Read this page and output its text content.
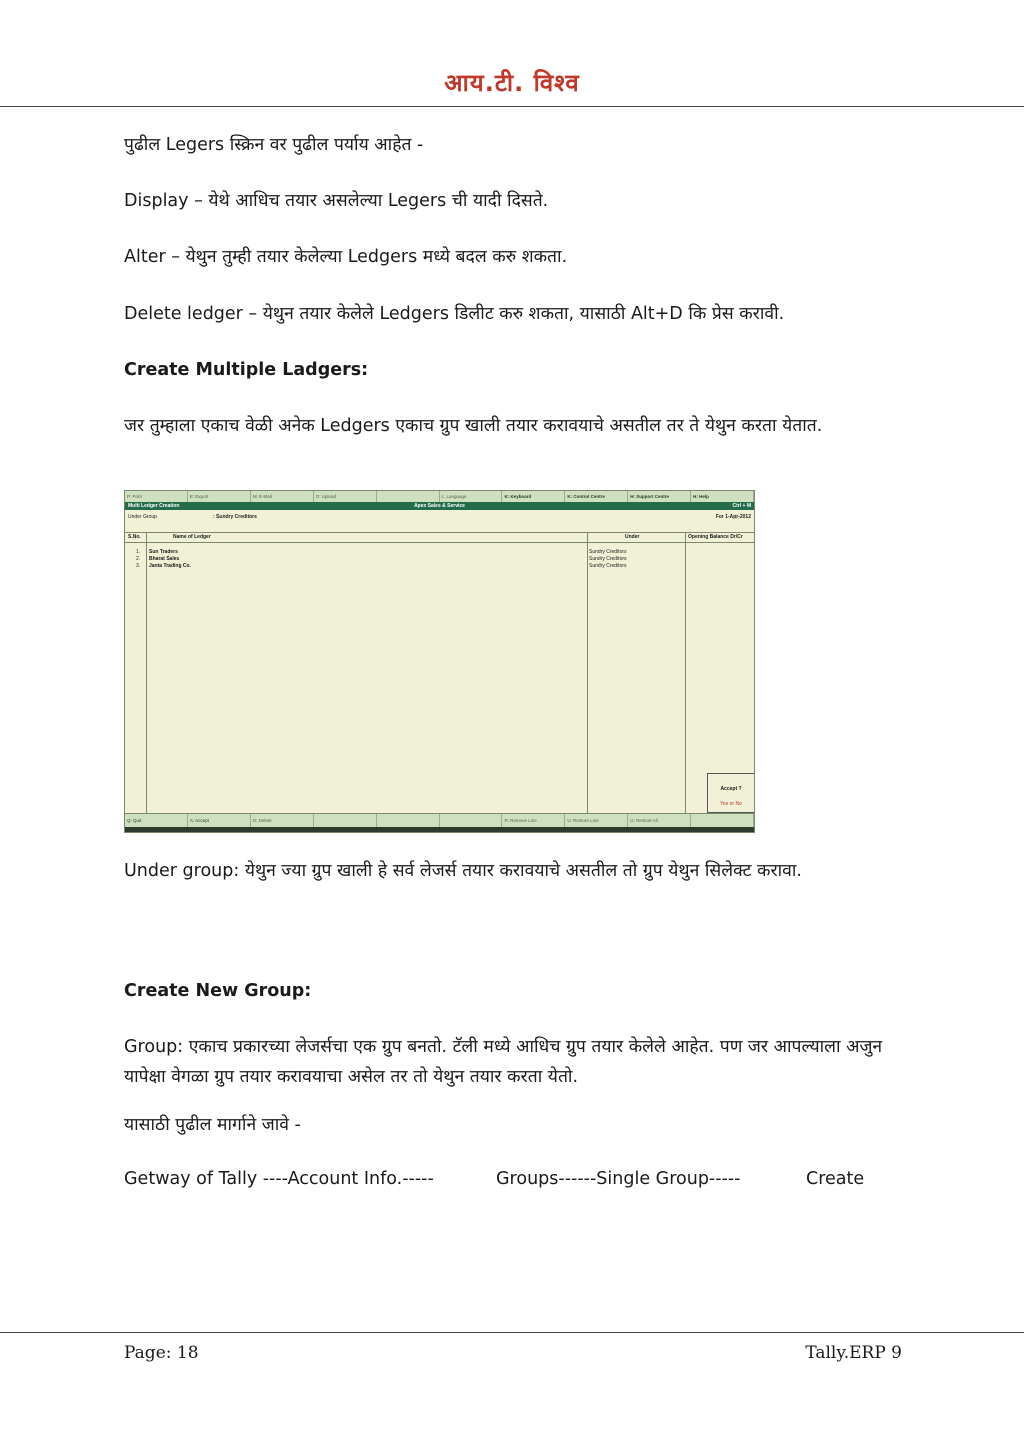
आय.टी. विश्व

पुढील Legers स्क्रिन वर पुढील पर्याय आहेत -

Display – येथे आधिच तयार असलेल्या Legers ची यादी दिसते.

Alter – येथुन तुम्ही तयार केलेल्या Ledgers मध्ये बदल करु शकता.

Delete ledger – येथुन तयार केलेले Ledgers डिलीट करु शकता, यासाठी Alt+D कि प्रेस करावी.

Create Multiple Ladgers:

जर तुम्हाला एकाच वेळी अनेक Ledgers एकाच ग्रुप खाली तयार करावयाचे असतील तर ते येथुन करता येतात.

P: Print	E: Export	M: E-Mail	O: Upload	L: Language	K: Keyboard	K: Control Centre	H: Support Centre	H: Help
Multi Ledger Creation	Apex Sales & Service	Ctrl + M
Under Group	: Sundry Creditors	For 1-Apr-2012
S.No.	Name of Ledger	Under	Opening Balance Dr/Cr
1. Sun Traders	Sundry Creditors
2. Bharat Sales	Sundry Creditors
3. Janta Trading Co.	Sundry Creditors
Accept ?
Yes or No
Q: Quit	A: Accept	D: Delete	R: Remove Line	U: Restore Line	U: Restore All

Under group: येथुन ज्या ग्रुप खाली हे सर्व लेजर्स तयार करावयाचे असतील तो ग्रुप येथुन सिलेक्ट करावा.

Create New Group:

Group: एकाच प्रकारच्या लेजर्सचा एक ग्रुप बनतो. टॅली मध्ये आधिच ग्रुप तयार केलेले आहेत. पण जर आपल्याला अजुन यापेक्षा वेगळा ग्रुप तयार करावयाचा असेल तर तो येथुन तयार करता येतो.

यासाठी पुढील मार्गाने जावे -

Getway of Tally ----Account Info.-----	Groups------Single Group-----	Create
Page: 18	Tally.ERP 9
